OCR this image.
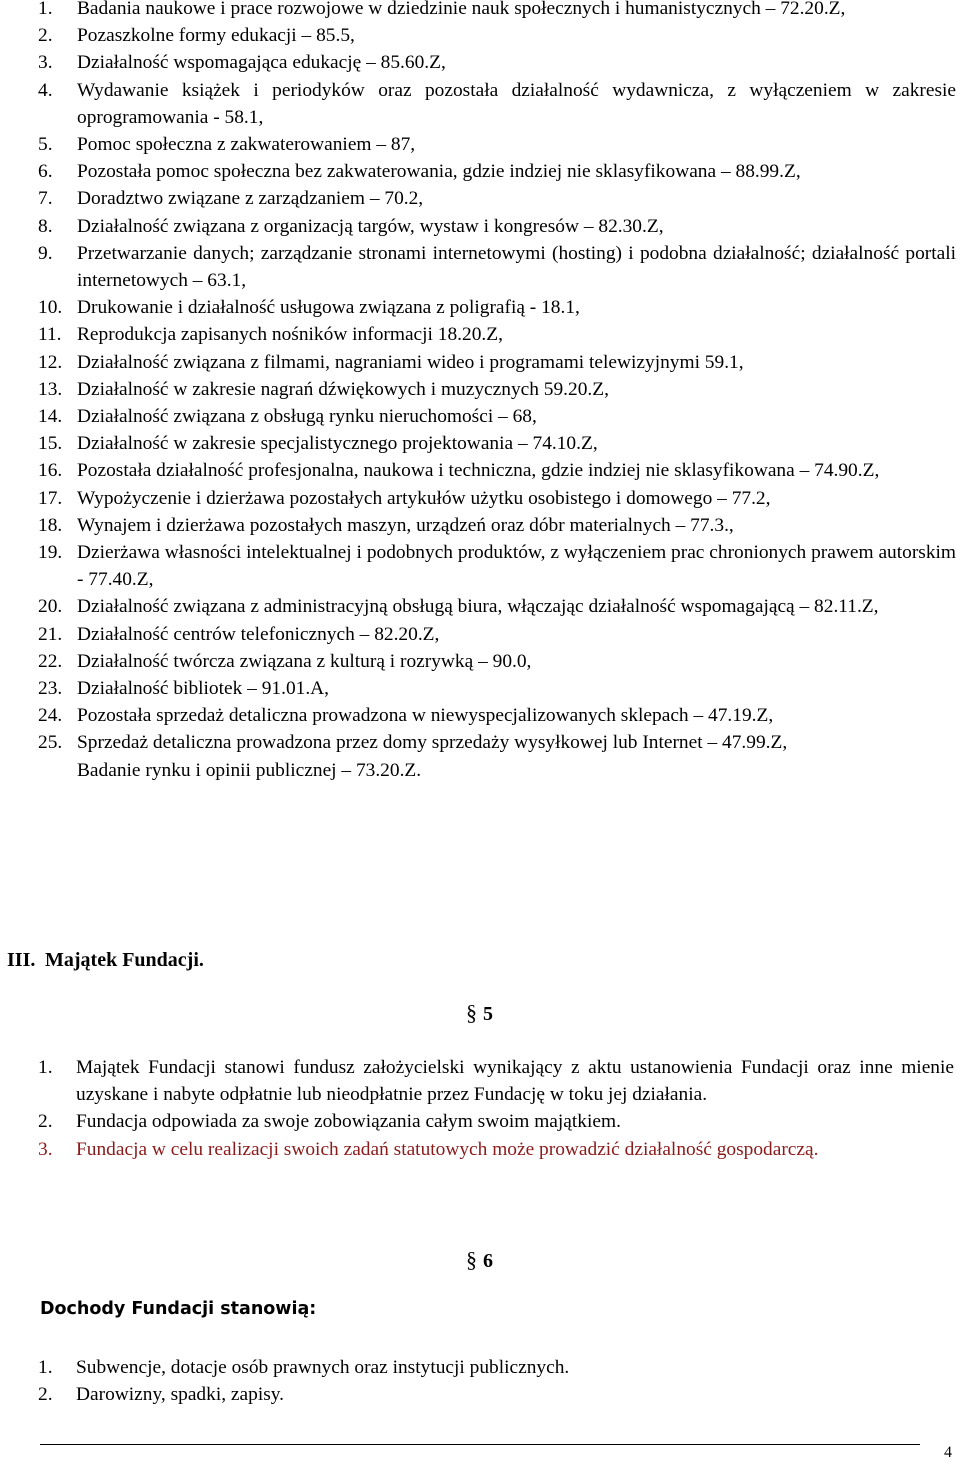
1.	Badania naukowe i prace rozwojowe w dziedzinie nauk społecznych i humanistycznych – 72.20.Z,
2.	Pozaszkolne formy edukacji – 85.5,
3.	Działalność wspomagająca edukację – 85.60.Z,
4.	Wydawanie książek i periodyków oraz pozostała działalność wydawnicza, z wyłączeniem w zakresie oprogramowania - 58.1,
5.	Pomoc społeczna z zakwaterowaniem – 87,
6.	Pozostała pomoc społeczna bez zakwaterowania, gdzie indziej nie sklasyfikowana – 88.99.Z,
7.	Doradztwo związane z zarządzaniem – 70.2,
8.	Działalność związana z organizacją targów, wystaw i kongresów – 82.30.Z,
9.	Przetwarzanie danych; zarządzanie stronami internetowymi (hosting) i podobna działalność; działalność portali internetowych – 63.1,
10. Drukowanie i działalność usługowa związana z poligrafią - 18.1,
11. Reprodukcja zapisanych nośników informacji 18.20.Z,
12. Działalność związana z filmami, nagraniami wideo i programami telewizyjnymi 59.1,
13. Działalność w zakresie nagrań dźwiękowych i muzycznych 59.20.Z,
14. Działalność związana z obsługą rynku nieruchomości – 68,
15. Działalność w zakresie specjalistycznego projektowania – 74.10.Z,
16. Pozostała działalność profesjonalna, naukowa i techniczna, gdzie indziej nie sklasyfikowana – 74.90.Z,
17. Wypożyczenie i dzierżawa pozostałych artykułów użytku osobistego i domowego – 77.2,
18. Wynajem i dzierżawa pozostałych maszyn, urządzeń oraz dóbr materialnych – 77.3.,
19. Dzierżawa własności intelektualnej i podobnych produktów, z wyłączeniem prac chronionych prawem autorskim - 77.40.Z,
20. Działalność związana z administracyjną obsługą biura, włączając działalność wspomagającą – 82.11.Z,
21. Działalność centrów telefonicznych – 82.20.Z,
22. Działalność twórcza związana z kulturą i rozrywką – 90.0,
23. Działalność bibliotek – 91.01.A,
24. Pozostała sprzedaż detaliczna prowadzona w niewyspecjalizowanych sklepach – 47.19.Z,
25. Sprzedaż detaliczna prowadzona przez domy sprzedaży wysyłkowej lub Internet – 47.99.Z,
Badanie rynku i opinii publicznej – 73.20.Z.
III. Majątek Fundacji.
§ 5
1.	Majątek Fundacji stanowi fundusz założycielski wynikający z aktu ustanowienia Fundacji oraz inne mienie uzyskane i nabyte odpłatnie lub nieodpłatnie przez Fundację w toku jej działania.
2.	Fundacja odpowiada za swoje zobowiązania całym swoim majątkiem.
3.	Fundacja w celu realizacji swoich zadań statutowych może prowadzić działalność gospodarczą.
§ 6
Dochody Fundacji stanowią:
1.	Subwencje, dotacje osób prawnych oraz instytucji publicznych.
2.	Darowizny, spadki, zapisy.
4
